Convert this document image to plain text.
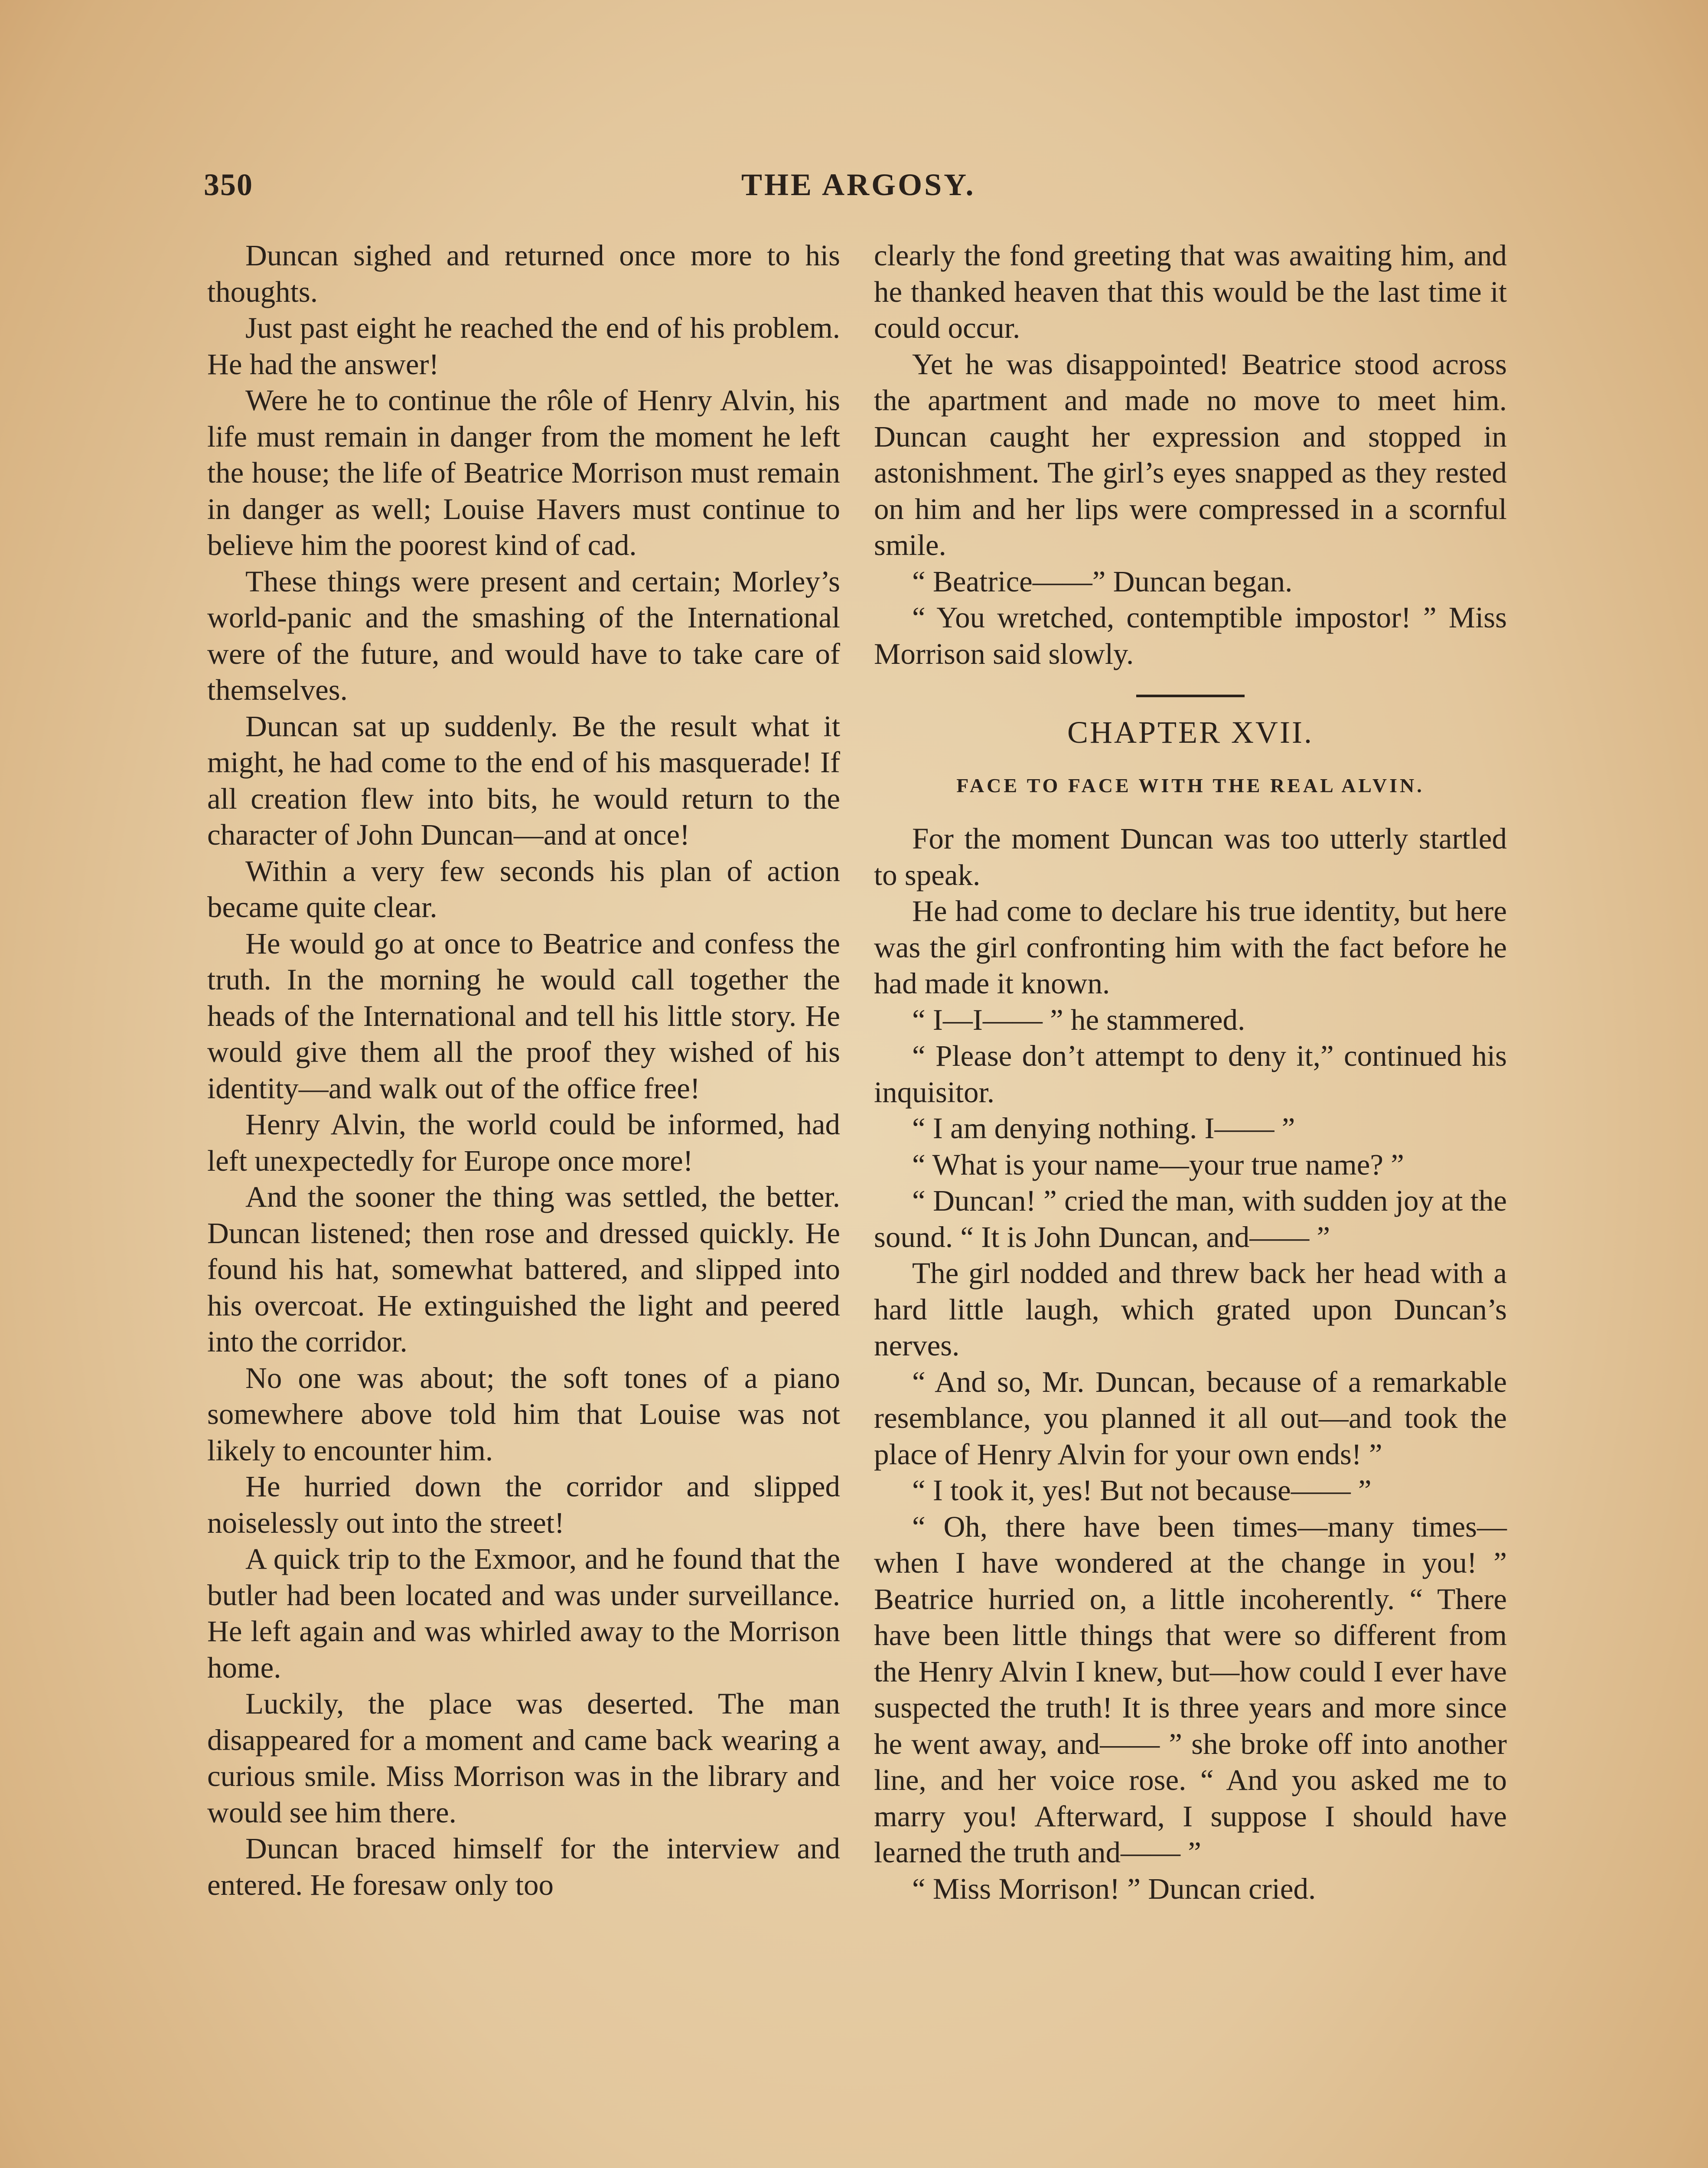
350	THE ARGOSY.

Duncan sighed and returned once more to his thoughts.

Just past eight he reached the end of his problem. He had the answer!

Were he to continue the rôle of Henry Alvin, his life must remain in danger from the moment he left the house; the life of Beatrice Morrison must remain in danger as well; Louise Havers must continue to believe him the poorest kind of cad.

These things were present and certain; Morley’s world-panic and the smashing of the International were of the future, and would have to take care of themselves.

Duncan sat up suddenly. Be the result what it might, he had come to the end of his masquerade! If all creation flew into bits, he would return to the character of John Duncan—and at once!

Within a very few seconds his plan of action became quite clear.

He would go at once to Beatrice and confess the truth. In the morning he would call together the heads of the International and tell his little story. He would give them all the proof they wished of his identity—and walk out of the office free!

Henry Alvin, the world could be informed, had left unexpectedly for Europe once more!

And the sooner the thing was settled, the better. Duncan listened; then rose and dressed quickly. He found his hat, somewhat battered, and slipped into his overcoat. He extinguished the light and peered into the corridor.

No one was about; the soft tones of a piano somewhere above told him that Louise was not likely to encounter him.

He hurried down the corridor and slipped noiselessly out into the street!

A quick trip to the Exmoor, and he found that the butler had been located and was under surveillance. He left again and was whirled away to the Morrison home.

Luckily, the place was deserted. The man disappeared for a moment and came back wearing a curious smile. Miss Morrison was in the library and would see him there.

Duncan braced himself for the interview and entered. He foresaw only too

clearly the fond greeting that was awaiting him, and he thanked heaven that this would be the last time it could occur.

Yet he was disappointed! Beatrice stood across the apartment and made no move to meet him. Duncan caught her expression and stopped in astonishment. The girl’s eyes snapped as they rested on him and her lips were compressed in a scornful smile.

“ Beatrice——” Duncan began.

“ You wretched, contemptible impostor! ” Miss Morrison said slowly.

CHAPTER XVII.
FACE TO FACE WITH THE REAL ALVIN.

For the moment Duncan was too utterly startled to speak.

He had come to declare his true identity, but here was the girl confronting him with the fact before he had made it known.

“ I—I—— ” he stammered.

“ Please don’t attempt to deny it,” continued his inquisitor.

“ I am denying nothing. I—— ”

“ What is your name—your true name? ”

“ Duncan! ” cried the man, with sudden joy at the sound. “ It is John Duncan, and—— ”

The girl nodded and threw back her head with a hard little laugh, which grated upon Duncan’s nerves.

“ And so, Mr. Duncan, because of a remarkable resemblance, you planned it all out—and took the place of Henry Alvin for your own ends! ”

“ I took it, yes! But not because—— ”

“ Oh, there have been times—many times—when I have wondered at the change in you! ” Beatrice hurried on, a little incoherently. “ There have been little things that were so different from the Henry Alvin I knew, but—how could I ever have suspected the truth! It is three years and more since he went away, and—— ” she broke off into another line, and her voice rose. “ And you asked me to marry you! Afterward, I suppose I should have learned the truth and—— ”

“ Miss Morrison! ” Duncan cried.
